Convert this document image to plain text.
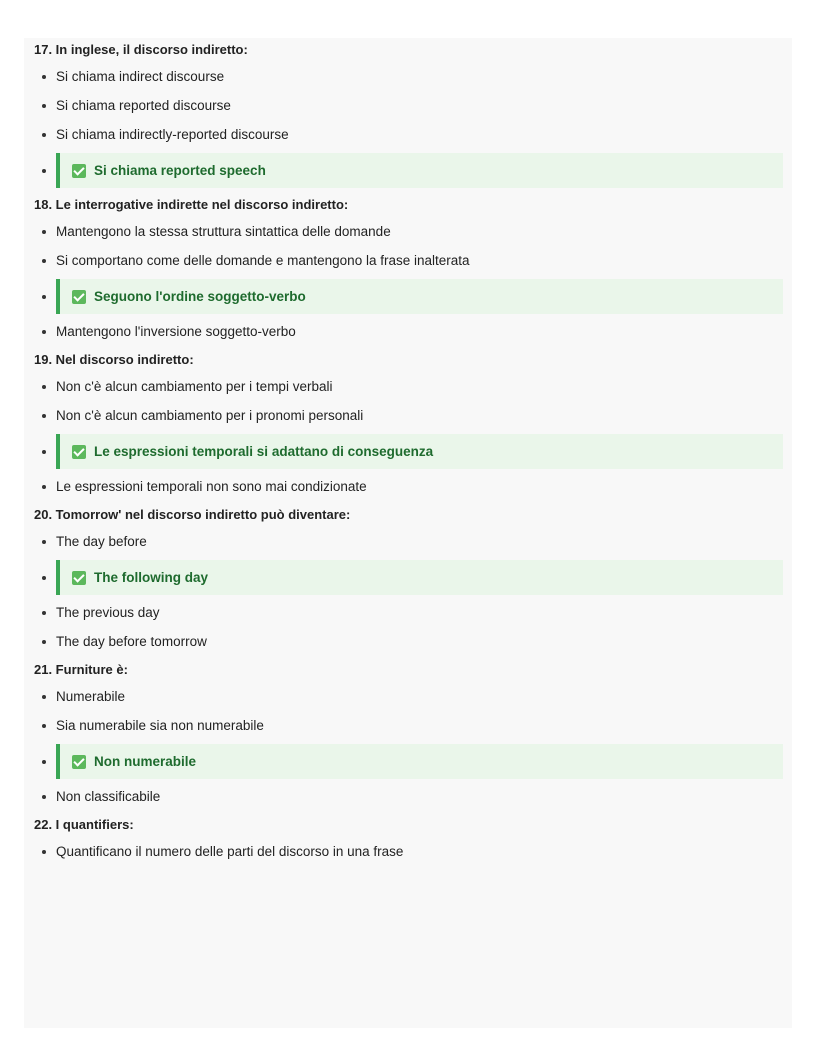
17. In inglese, il discorso indiretto:
Si chiama indirect discourse
Si chiama reported discourse
Si chiama indirectly-reported discourse
Si chiama reported speech
18. Le interrogative indirette nel discorso indiretto:
Mantengono la stessa struttura sintattica delle domande
Si comportano come delle domande e mantengono la frase inalterata
Seguono l'ordine soggetto-verbo
Mantengono l'inversione soggetto-verbo
19. Nel discorso indiretto:
Non c'è alcun cambiamento per i tempi verbali
Non c'è alcun cambiamento per i pronomi personali
Le espressioni temporali si adattano di conseguenza
Le espressioni temporali non sono mai condizionate
20. Tomorrow' nel discorso indiretto può diventare:
The day before
The following day
The previous day
The day before tomorrow
21. Furniture è:
Numerabile
Sia numerabile sia non numerabile
Non numerabile
Non classificabile
22. I quantifiers:
Quantificano il numero delle parti del discorso in una frase
